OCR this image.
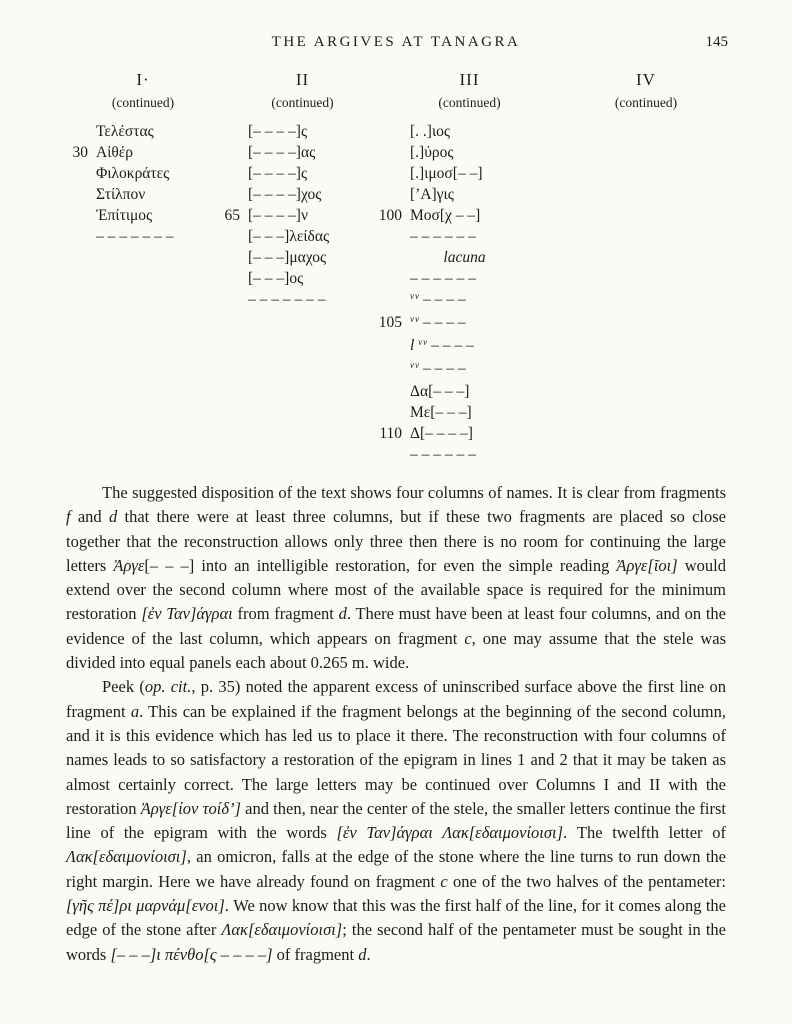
THE ARGIVES AT TANAGRA	145
I·
(continued)
Τελέστας
30 Αἰθέρ
Φιλοκράτες
Στίλπον
Ἐπίτιμος
– – – – – – –
II
(continued)
[– – – –]ς
[– – – –]ας
[– – – –]ς
[– – – –]χος
65 [– – – –]ν
[– – –]λείδας
[– – –]μαχος
[– – –]ος
– – – – – – –
III
(continued)
[. .]ιος
[.]ύρος
[.]ιμοσ[– –]
[ʼΑ]γις
100 Μοσ[χ – –]
– – – – – –
lacuna
– – – – – –
$^{vv}$ – – – –
105 $^{vv}$ – – – –
l $^{vv}$ – – – –
$^{vv}$ – – – –
Δα[– – –]
Με[– – –]
110 Δ[– – – –]
– – – – – –
IV
(continued)

The suggested disposition of the text shows four columns of names. It is clear from fragments f and d that there were at least three columns, but if these two fragments are placed so close together that the reconstruction allows only three then there is no room for continuing the large letters Ἀργε[– – –] into an intelligible restoration, for even the simple reading Ἀργε[ῖοι] would extend over the second column where most of the available space is required for the minimum restoration [ἐν Ταν]άγραι from fragment d. There must have been at least four columns, and on the evidence of the last column, which appears on fragment c, one may assume that the stele was divided into equal panels each about 0.265 m. wide.

Peek (op. cit., p. 35) noted the apparent excess of uninscribed surface above the first line on fragment a. This can be explained if the fragment belongs at the beginning of the second column, and it is this evidence which has led us to place it there. The reconstruction with four columns of names leads to so satisfactory a restoration of the epigram in lines 1 and 2 that it may be taken as almost certainly correct. The large letters may be continued over Columns I and II with the restoration Ἀργε[ίον τοίδ’] and then, near the center of the stele, the smaller letters continue the first line of the epigram with the words [ἐν Ταν]άγραι Λακ[εδαιμονίοισι]. The twelfth letter of Λακ[εδαιμονίοισι], an omicron, falls at the edge of the stone where the line turns to run down the right margin. Here we have already found on fragment c one of the two halves of the pentameter: [γῆς πέ]ρι μαρνάμ[ενοι]. We now know that this was the first half of the line, for it comes along the edge of the stone after Λακ[εδαιμονίοισι]; the second half of the pentameter must be sought in the words [– – –]ι πένθο[ς – – – –] of fragment d.
